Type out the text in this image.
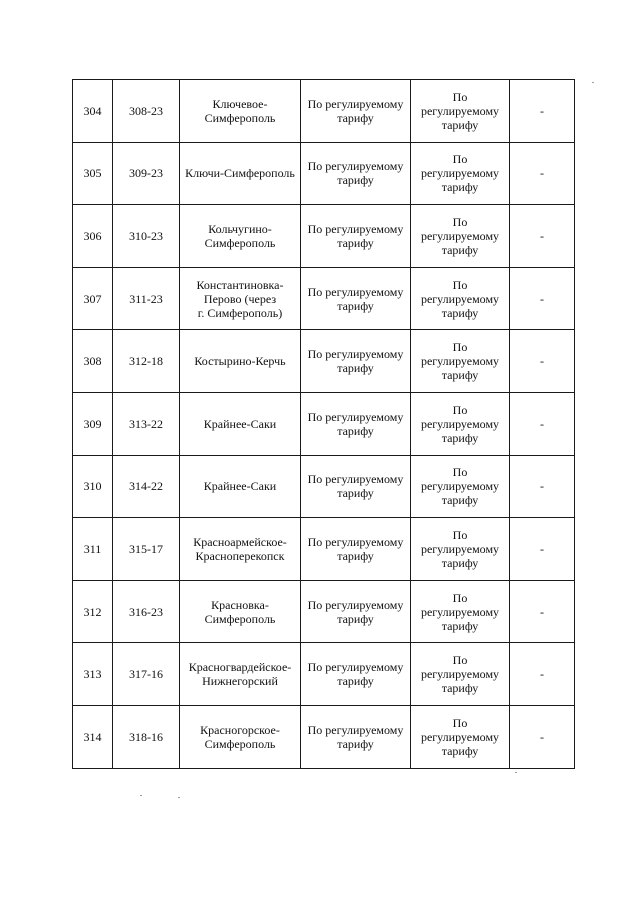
304	308-23	Ключевое-
Симферополь	По регулируемому
тарифу	По
регулируемому
тарифу	-
305	309-23	Ключи-Симферополь	По регулируемому
тарифу	По
регулируемому
тарифу	-
306	310-23	Кольчугино-
Симферополь	По регулируемому
тарифу	По
регулируемому
тарифу	-
307	311-23	Константиновка-
Перово (через
г. Симферополь)	По регулируемому
тарифу	По
регулируемому
тарифу	-
308	312-18	Костырино-Керчь	По регулируемому
тарифу	По
регулируемому
тарифу	-
309	313-22	Крайнее-Саки	По регулируемому
тарифу	По
регулируемому
тарифу	-
310	314-22	Крайнее-Саки	По регулируемому
тарифу	По
регулируемому
тарифу	-
311	315-17	Красноармейское-
Красноперекопск	По регулируемому
тарифу	По
регулируемому
тарифу	-
312	316-23	Красновка-
Симферополь	По регулируемому
тарифу	По
регулируемому
тарифу	-
313	317-16	Красногвардейское-
Нижнегорский	По регулируемому
тарифу	По
регулируемому
тарифу	-
314	318-16	Красногорское-
Симферополь	По регулируемому
тарифу	По
регулируемому
тарифу	-
